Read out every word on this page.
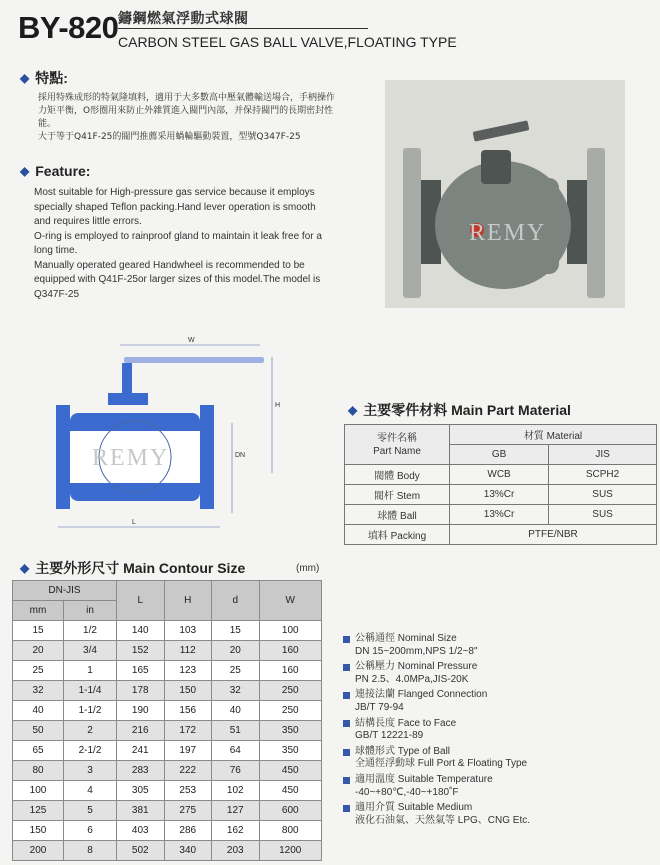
BY-820 鑄鋼燃氣浮動式球閥
CARBON STEEL GAS BALL VALVE,FLOATING TYPE
◆ 特點:

採用特殊成形的特氣隆填料，適用于大多數高中壓氣體輸送場合，手柄操作力矩平衡，O形圈用來防止外雜質進入閥門內部，并保持閥門的長期密封性能。

大于等于Q41F-25的閥門推薦采用蝸輪驅動裝置，型號Q347F-25

◆ Feature:

Most suitable for High-pressure gas service because it employs specially shaped Teflon packing.Hand lever operation is smooth and requires little errors.

O-ring is employed to rainproof gland to maintain it leak free for a long time.

Manually operated geared Handwheel is recommended to be equipped with Q41F-25or larger sizes of this model.The model is Q347F-25

REMY
W
H
DN
L
REMY
◆ 主要零件材料 Main Part Material
零件名稱
Part Name	材質 Material	
	GB	JIS
閥體 Body	WCB	SCPH2
閥杆 Stem	13%Cr	SUS
球體 Ball	13%Cr	SUS
填料 Packing	PTFE/NBR	
◆ 主要外形尺寸 Main Contour Size	(mm)
DN-JIS		L	H	d	W
mm	in				
15	1/2	140	103	15	100
20	3/4	152	112	20	160
25	1	165	123	25	160
32	1-1/4	178	150	32	250
40	1-1/2	190	156	40	250
50	2	216	172	51	350
65	2-1/2	241	197	64	350
80	3	283	222	76	450
100	4	305	253	102	450
125	5	381	275	127	600
150	6	403	286	162	800
200	8	502	340	203	1200
公稱通徑 Nominal Size
DN 15~200mm,NPS 1/2~8"
公稱壓力 Nominal Pressure
PN 2.5、4.0MPa,JIS-20K
連接法蘭 Flanged Connection
JB/T 79-94
結構長度 Face to Face
GB/T 12221-89
球體形式 Type of Ball
全通徑浮動球 Full Port & Floating Type
適用溫度 Suitable Temperature
-40~+80℃,-40~+180˚F
適用介質 Suitable Medium
液化石油氣、天然氣等 LPG、CNG Etc.
